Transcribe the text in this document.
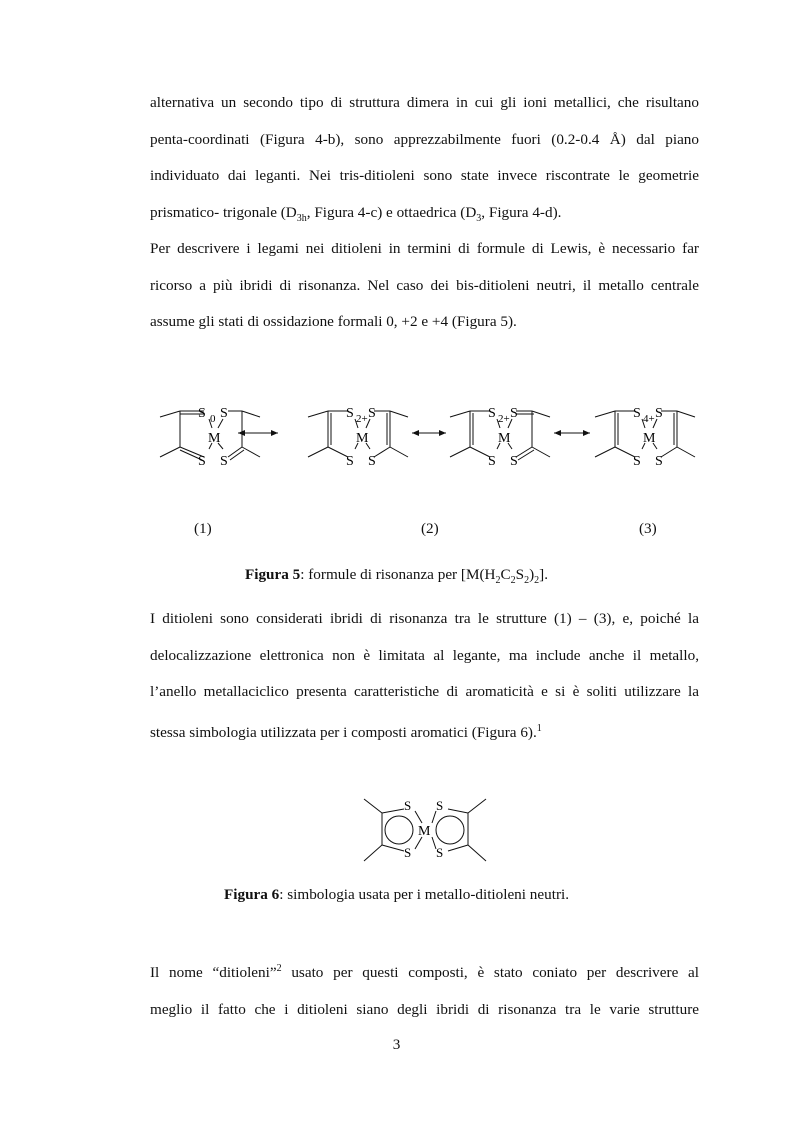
alternativa un secondo tipo di struttura dimera in cui gli ioni metallici, che risultano
penta-coordinati (Figura 4-b), sono apprezzabilmente fuori (0.2-0.4 Å) dal piano
individuato dai leganti. Nei tris-ditioleni sono state invece riscontrate le geometrie
prismatico- trigonale ($D_{3h}$, Figura 4-c) e ottaedrica ($D_3$, Figura 4-d).
Per descrivere i legami nei ditioleni in termini di formule di Lewis, è necessario far
ricorso a più ibridi di risonanza. Nel caso dei bis-ditioleni neutri, il metallo centrale
assume gli stati di ossidazione formali 0, +2 e +4 (Figura 5).
S 0 S
M
S S
S 2+ S
M
S S
S 2+ S
M
S S
S 4+ S
M
S S
(1)	(2)	(3)

Figura 5: formule di risonanza per $[M(H_2C_2S_2)_2]$.

I ditioleni sono considerati ibridi di risonanza tra le strutture (1) – (3), e, poiché la
delocalizzazione elettronica non è limitata al legante, ma include anche il metallo,
l’anello metallaciclico presenta caratteristiche di aromaticità e si è soliti utilizzare la
stessa simbologia utilizzata per i composti aromatici (Figura 6).$^1$
S S
M
S S

Figura 6: simbologia usata per i metallo-ditioleni neutri.

Il nome “ditioleni”$^2$ usato per questi composti, è stato coniato per descrivere al
meglio il fatto che i ditioleni siano degli ibridi di risonanza tra le varie strutture
3
